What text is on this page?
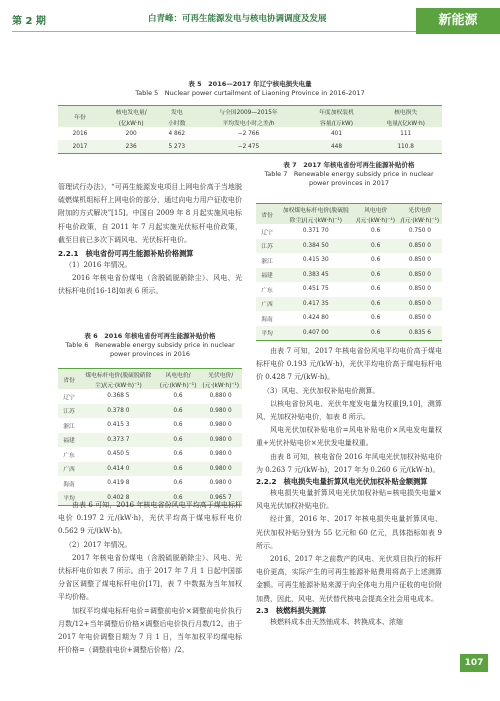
第 2 期	白青峰：可再生能源发电与核电协调调度及发展	新能源
表 5　2016—2017 年辽宁核电损失电量
Table 5　Nuclear power curtailment of Liaoning Province in 2016-2017
年份	核电发电量/	发电	与全国2009—2015年	年度加权装机	核电损失
	(亿kW·h)	小时数	平均发电小时之差/h	容量/(万kW)	电量/(亿kW·h)
2016	200	4 862	−2 766	401	111
2017	236	5 273	−2 475	448	110.8

管理试行办法》，“可再生能源发电项目上网电价高于当地脱硫燃煤机组标杆上网电价的部分，通过向电力用户征收电价附加的方式解决”[15]。中国自 2009 年 8 月起实施风电标杆电价政策，自 2011 年 7 月起实施光伏标杆电价政策，截至目前已多次下调风电、光伏标杆电价。

2.2.1　核电省份可再生能源补贴价格测算

（1）2016 年情况。

2016 年核电省份煤电（含脱硫脱硝除尘）、风电、光伏标杆电价[16-18]如表 6 所示。

表 6　2016 年核电省份可再生能源补贴价格
Table 6　Renewable energy subsidy price in nuclear
power provinces in 2016
省份	煤电标杆电价(脱硫脱硝除	风电电价/	光伏电价/
	尘)/(元·(kW·h)⁻¹)	(元·(kW·h)⁻¹)	(元·(kW·h)⁻¹)
辽宁	0.368 5	0.6	0.880 0
江苏	0.378 0	0.6	0.980 0
浙江	0.415 3	0.6	0.980 0
福建	0.373 7	0.6	0.980 0
广东	0.450 5	0.6	0.980 0
广西	0.414 0	0.6	0.980 0
海南	0.419 8	0.6	0.980 0
平均	0.402 8	0.6	0.965 7

由表 6 可知，2016 年核电省份风电平均高于煤电标杆电价 0.197 2 元/(kW·h)，光伏平均高于煤电标杆电价 0.562 9 元/(kW·h)。

（2）2017 年情况。

2017 年核电省份煤电（含脱硫脱硝除尘）、风电、光伏标杆电价如表 7 所示。由于 2017 年 7 月 1 日起中国部分省区调整了煤电标杆电价[17]，表 7 中数据为当年加权平均价格。

加权平均煤电标杆电价=调整前电价×调整前电价执行月数/12+当年调整后价格×调整后电价执行月数/12。由于 2017 年电价调整日期为 7 月 1 日，当年加权平均煤电标杆价格=（调整前电价+调整后价格）/2。

表 7　2017 年核电省份可再生能源补贴价格
Table 7　Renewable energy subsidy price in nuclear
power provinces in 2017
省份	加权煤电标杆电价(脱硫脱	风电电价	光伏电价
	除尘)/(元·(kW·h)⁻¹)	/(元·(kW·h)⁻¹)	/(元·(kW·h)⁻¹)
辽宁	0.371 70	0.6	0.750 0
江苏	0.384 50	0.6	0.850 0
浙江	0.415 30	0.6	0.850 0
福建	0.383 45	0.6	0.850 0
广东	0.451 75	0.6	0.850 0
广西	0.417 35	0.6	0.850 0
海南	0.424 80	0.6	0.850 0
平均	0.407 00	0.6	0.835 6

由表 7 可知，2017 年核电省份风电平均电价高于煤电标杆电价 0.193 元/(kW·h)，光伏平均电价高于煤电标杆电价 0.428 7 元/(kW·h)。

（3）风电、光伏加权补贴电价测算。

以核电省份风电、光伏年度发电量为权重[9,10]，测算风、光加权补贴电价，如表 8 所示。

风电光伏加权补贴电价=风电补贴电价×风电发电量权重+光伏补贴电价×光伏发电量权重。

由表 8 可知，核电省份 2016 年风电光伏加权补贴电价为 0.263 7 元/(kW·h)，2017 年为 0.260 6 元/(kW·h)。

2.2.2　核电损失电量折算风电光伏加权补贴金额测算

核电损失电量折算风电光伏加权补贴=核电损失电量×风电光伏加权补贴电价。

经计算，2016 年、2017 年核电损失电量折算风电、光伏加权补贴分别为 55 亿元和 60 亿元，具体指标如表 9 所示。

2016、2017 年之前数产的风电、光伏项目执行的标杆电价更高，实际产生的可再生能源补贴费用将高于上述测算金额。可再生能源补贴来源于向全体电力用户征收的电价附加费，因此，风电、光伏替代核电会提高全社会用电成本。

2.3　核燃料损失测算

核燃料成本由天然铀成本、转换成本、浓缩

107
